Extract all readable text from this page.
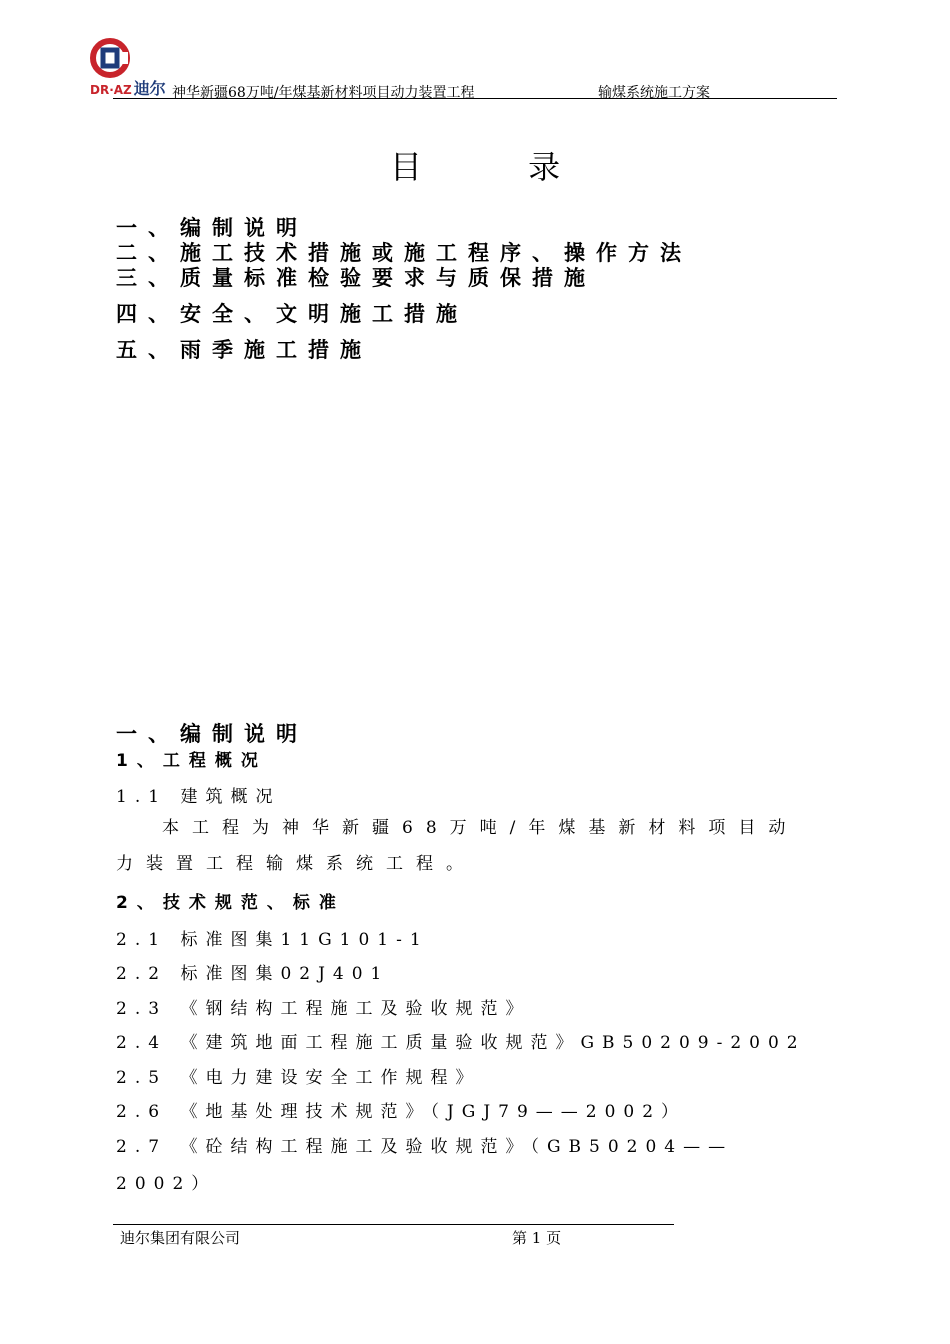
DR·AZ 迪尔 神华新疆68万吨/年煤基新材料项目动力装置工程	输煤系统施工方案
目 录
一、编制说明
二、施工技术措施或施工程序、操作方法
三、质量标准检验要求与质保措施
四、安全、文明施工措施
五、雨季施工措施
一、编制说明
1、工程概况
1.1 建筑概况
本工程为神华新疆68万吨/年煤基新材料项目动力装置工程输煤系统工程。
2、技术规范、标准
2.1 标准图集11G101-1
2.2 标准图集02J401
2.3 《钢结构工程施工及验收规范》
2.4 《建筑地面工程施工质量验收规范》GB50209-2002
2.5 《电力建设安全工作规程》
2.6 《地基处理技术规范》（JGJ79——2002）
2.7 《砼结构工程施工及验收规范》（GB50204——
2002）
迪尔集团有限公司	第 1 页
